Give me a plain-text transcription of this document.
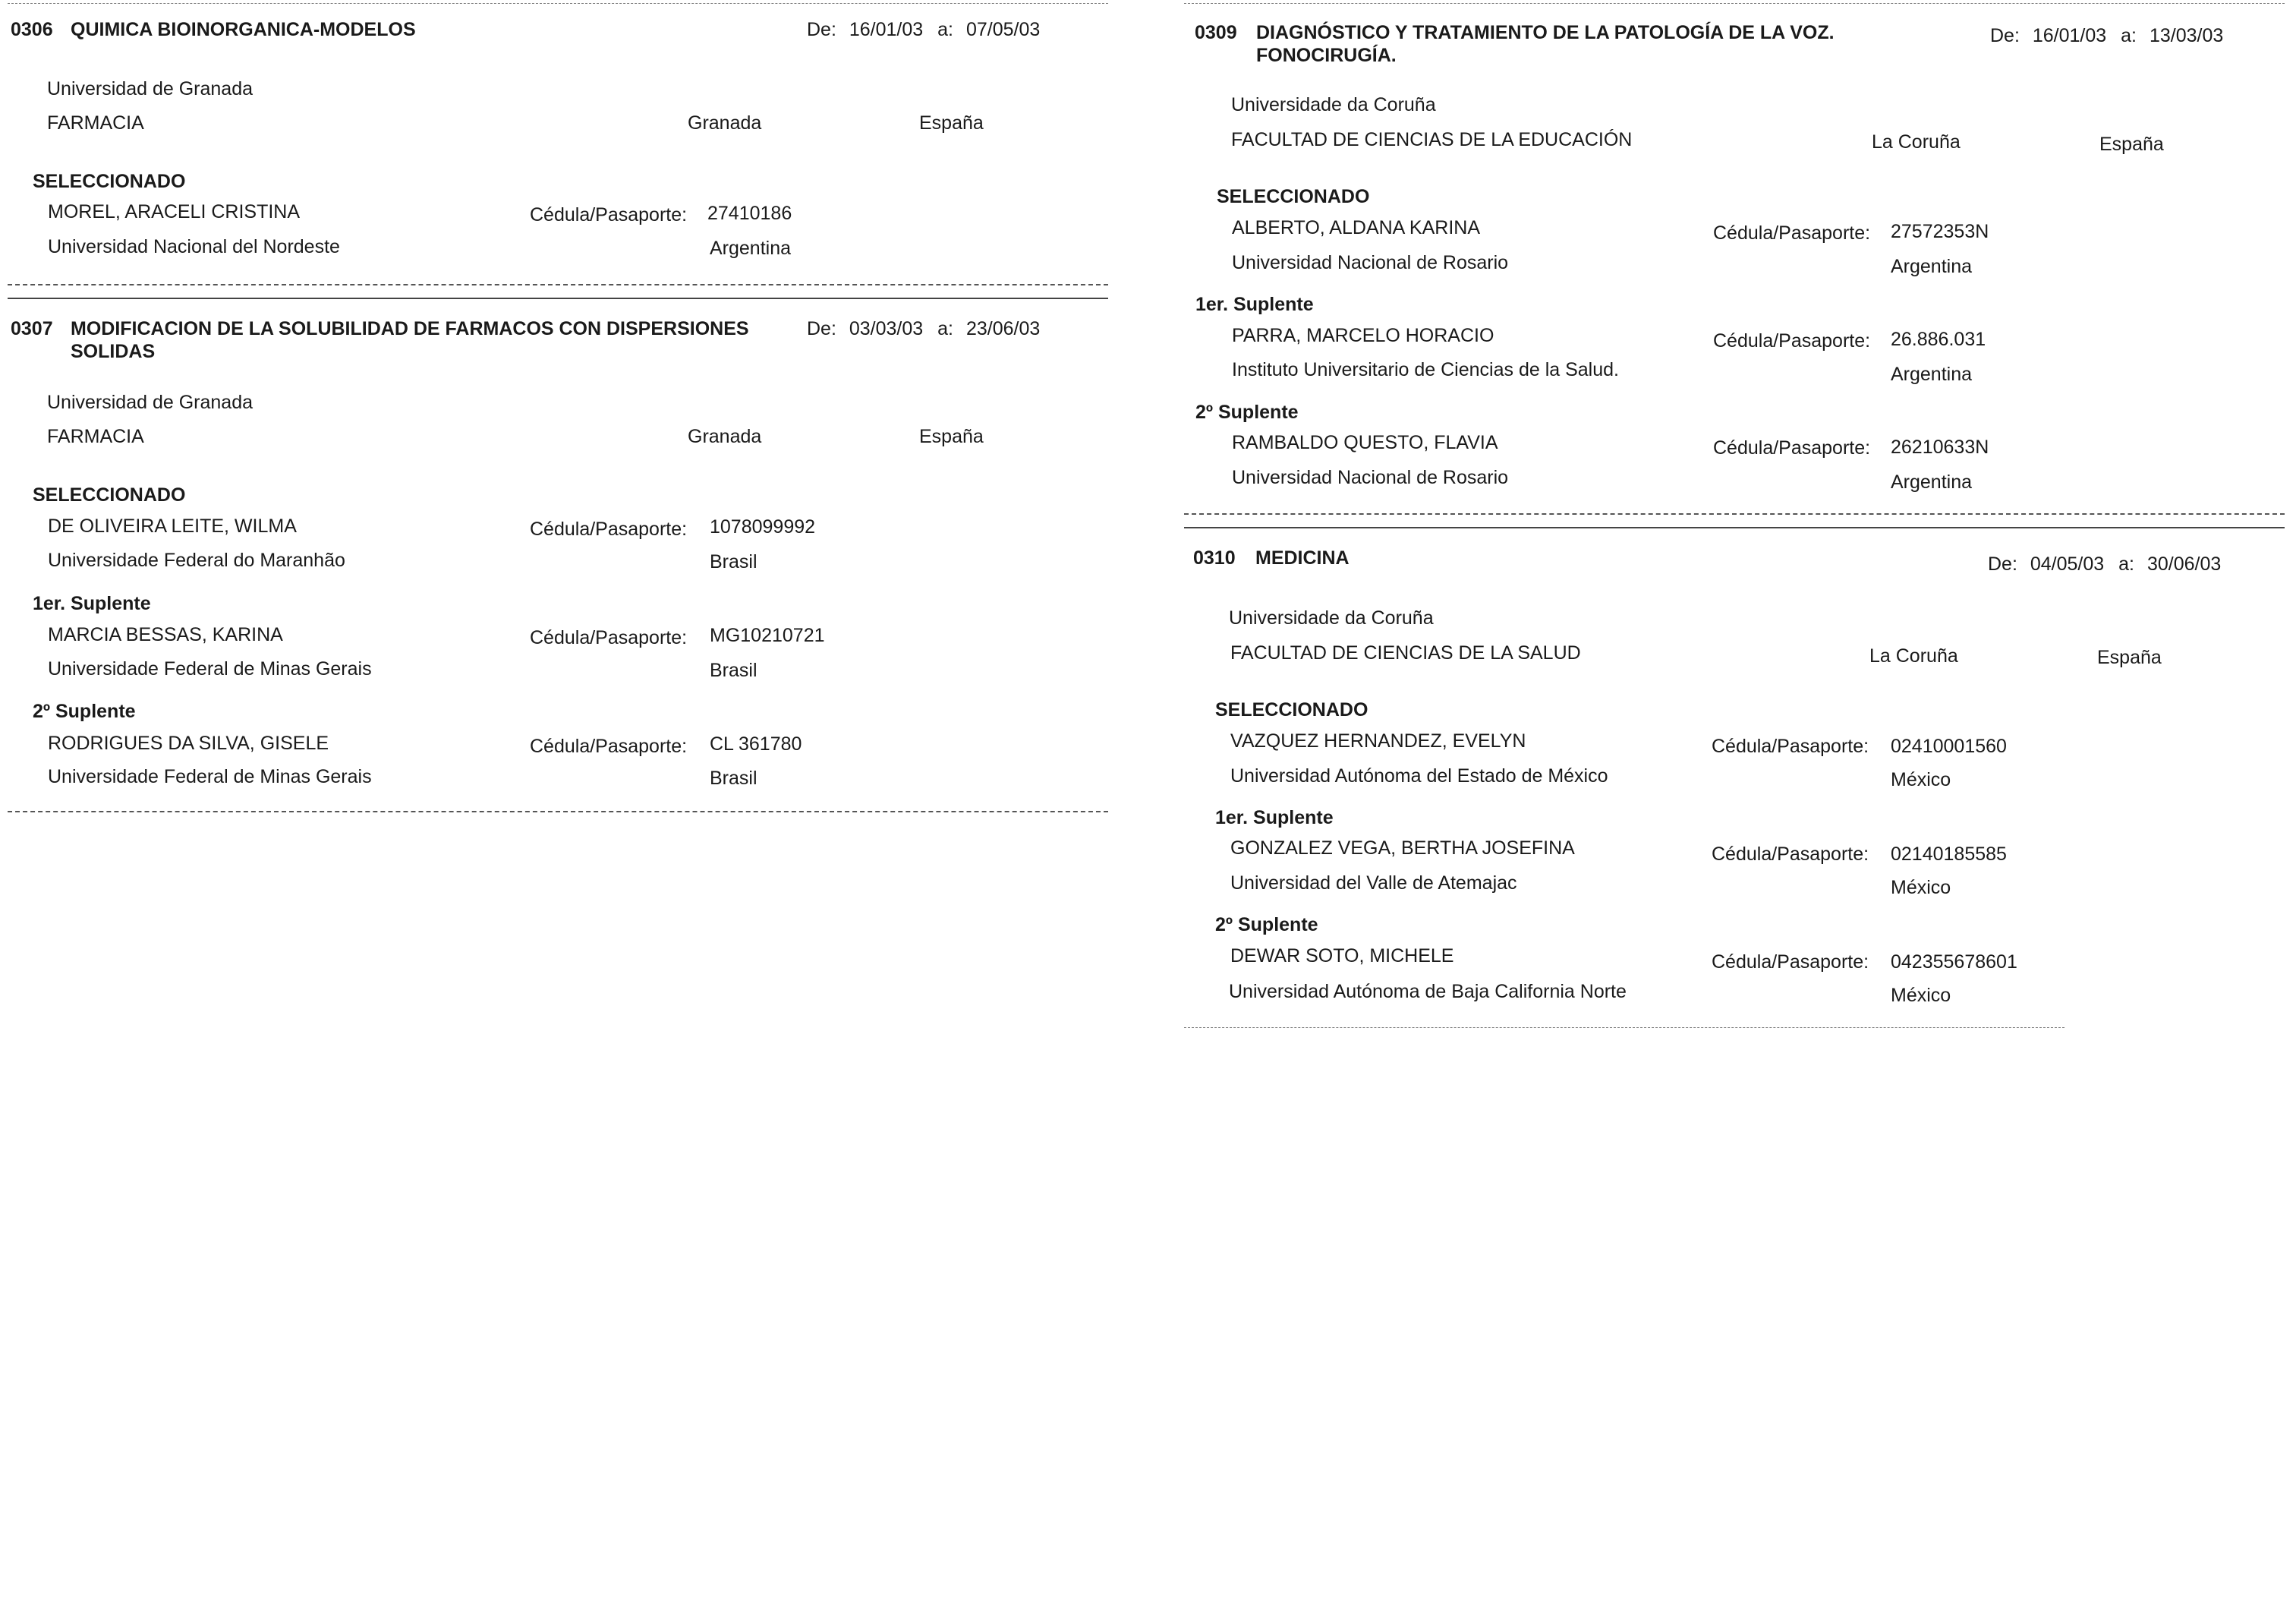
0306 QUIMICA BIOINORGANICA-MODELOS	De: 16/01/03 a: 07/05/03
Universidad de Granada
FARMACIA	Granada	España
SELECCIONADO
MOREL, ARACELI CRISTINA	Cédula/Pasaporte: 27410186
Universidad Nacional del Nordeste	Argentina
0307 MODIFICACION DE LA SOLUBILIDAD DE FARMACOS CON DISPERSIONES SOLIDAS
De: 03/03/03 a: 23/06/03
Universidad de Granada
FARMACIA	Granada	España
SELECCIONADO
DE OLIVEIRA LEITE, WILMA	Cédula/Pasaporte: 1078099992
Universidade Federal do Maranhão	Brasil
1er. Suplente
MARCIA BESSAS, KARINA	Cédula/Pasaporte: MG10210721
Universidade Federal de Minas Gerais	Brasil
2º Suplente
RODRIGUES DA SILVA, GISELE	Cédula/Pasaporte: CL 361780
Universidade Federal de Minas Gerais	Brasil
0309 DIAGNÓSTICO Y TRATAMIENTO DE LA PATOLOGÍA DE LA VOZ. FONOCIRUGÍA.
De: 16/01/03 a: 13/03/03
Universidade da Coruña
FACULTAD DE CIENCIAS DE LA EDUCACIÓN	La Coruña	España
SELECCIONADO
ALBERTO, ALDANA KARINA	Cédula/Pasaporte: 27572353N
Universidad Nacional de Rosario	Argentina
1er. Suplente
PARRA, MARCELO HORACIO	Cédula/Pasaporte: 26.886.031
Instituto Universitario de Ciencias de la Salud.	Argentina
2º Suplente
RAMBALDO QUESTO, FLAVIA	Cédula/Pasaporte: 26210633N
Universidad Nacional de Rosario	Argentina
0310 MEDICINA	De: 04/05/03 a: 30/06/03
Universidade da Coruña
FACULTAD DE CIENCIAS DE LA SALUD	La Coruña	España
SELECCIONADO
VAZQUEZ HERNANDEZ, EVELYN	Cédula/Pasaporte: 02410001560
Universidad Autónoma del Estado de México	México
1er. Suplente
GONZALEZ VEGA, BERTHA JOSEFINA	Cédula/Pasaporte: 02140185585
Universidad del Valle de Atemajac	México
2º Suplente
DEWAR SOTO, MICHELE	Cédula/Pasaporte: 042355678601
Universidad Autónoma de Baja California Norte	México
